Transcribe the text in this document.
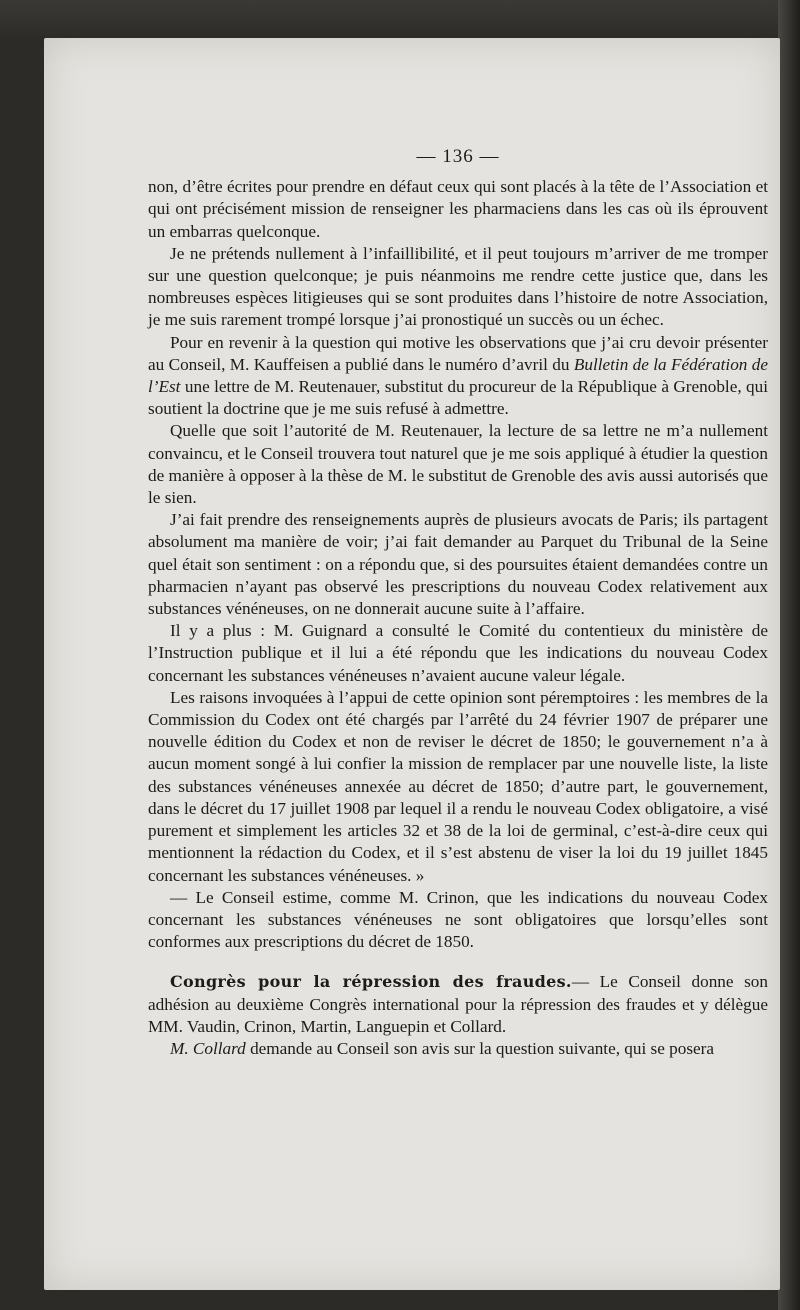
— 136 —

non, d’être écrites pour prendre en défaut ceux qui sont placés à la tête de l’Association et qui ont précisément mission de renseigner les pharmaciens dans les cas où ils éprouvent un embarras quelconque.

Je ne prétends nullement à l’infaillibilité, et il peut toujours m’arriver de me tromper sur une question quelconque; je puis néanmoins me rendre cette justice que, dans les nombreuses espèces litigieuses qui se sont produites dans l’histoire de notre Association, je me suis rarement trompé lorsque j’ai pronostiqué un succès ou un échec.

Pour en revenir à la question qui motive les observations que j’ai cru devoir présenter au Conseil, M. Kauffeisen a publié dans le numéro d’avril du Bulletin de la Fédération de l’Est une lettre de M. Reutenauer, substitut du procureur de la République à Grenoble, qui soutient la doctrine que je me suis refusé à admettre.

Quelle que soit l’autorité de M. Reutenauer, la lecture de sa lettre ne m’a nullement convaincu, et le Conseil trouvera tout naturel que je me sois appliqué à étudier la question de manière à opposer à la thèse de M. le substitut de Grenoble des avis aussi autorisés que le sien.

J’ai fait prendre des renseignements auprès de plusieurs avocats de Paris; ils partagent absolument ma manière de voir; j’ai fait demander au Parquet du Tribunal de la Seine quel était son sentiment : on a répondu que, si des poursuites étaient demandées contre un pharmacien n’ayant pas observé les prescriptions du nouveau Codex relativement aux substances vénéneuses, on ne donnerait aucune suite à l’affaire.

Il y a plus : M. Guignard a consulté le Comité du contentieux du ministère de l’Instruction publique et il lui a été répondu que les indications du nouveau Codex concernant les substances vénéneuses n’avaient aucune valeur légale.

Les raisons invoquées à l’appui de cette opinion sont péremptoires : les membres de la Commission du Codex ont été chargés par l’arrêté du 24 février 1907 de préparer une nouvelle édition du Codex et non de reviser le décret de 1850; le gouvernement n’a à aucun moment songé à lui confier la mission de remplacer par une nouvelle liste, la liste des substances vénéneuses annexée au décret de 1850; d’autre part, le gouvernement, dans le décret du 17 juillet 1908 par lequel il a rendu le nouveau Codex obligatoire, a visé purement et simplement les articles 32 et 38 de la loi de germinal, c’est-à-dire ceux qui mentionnent la rédaction du Codex, et il s’est abstenu de viser la loi du 19 juillet 1845 concernant les substances vénéneuses. »

— Le Conseil estime, comme M. Crinon, que les indications du nouveau Codex concernant les substances vénéneuses ne sont obligatoires que lorsqu’elles sont conformes aux prescriptions du décret de 1850.

Congrès pour la répression des fraudes.— Le Conseil donne son adhésion au deuxième Congrès international pour la répression des fraudes et y délègue MM. Vaudin, Crinon, Martin, Languepin et Collard.

M. Collard demande au Conseil son avis sur la question suivante, qui se posera
